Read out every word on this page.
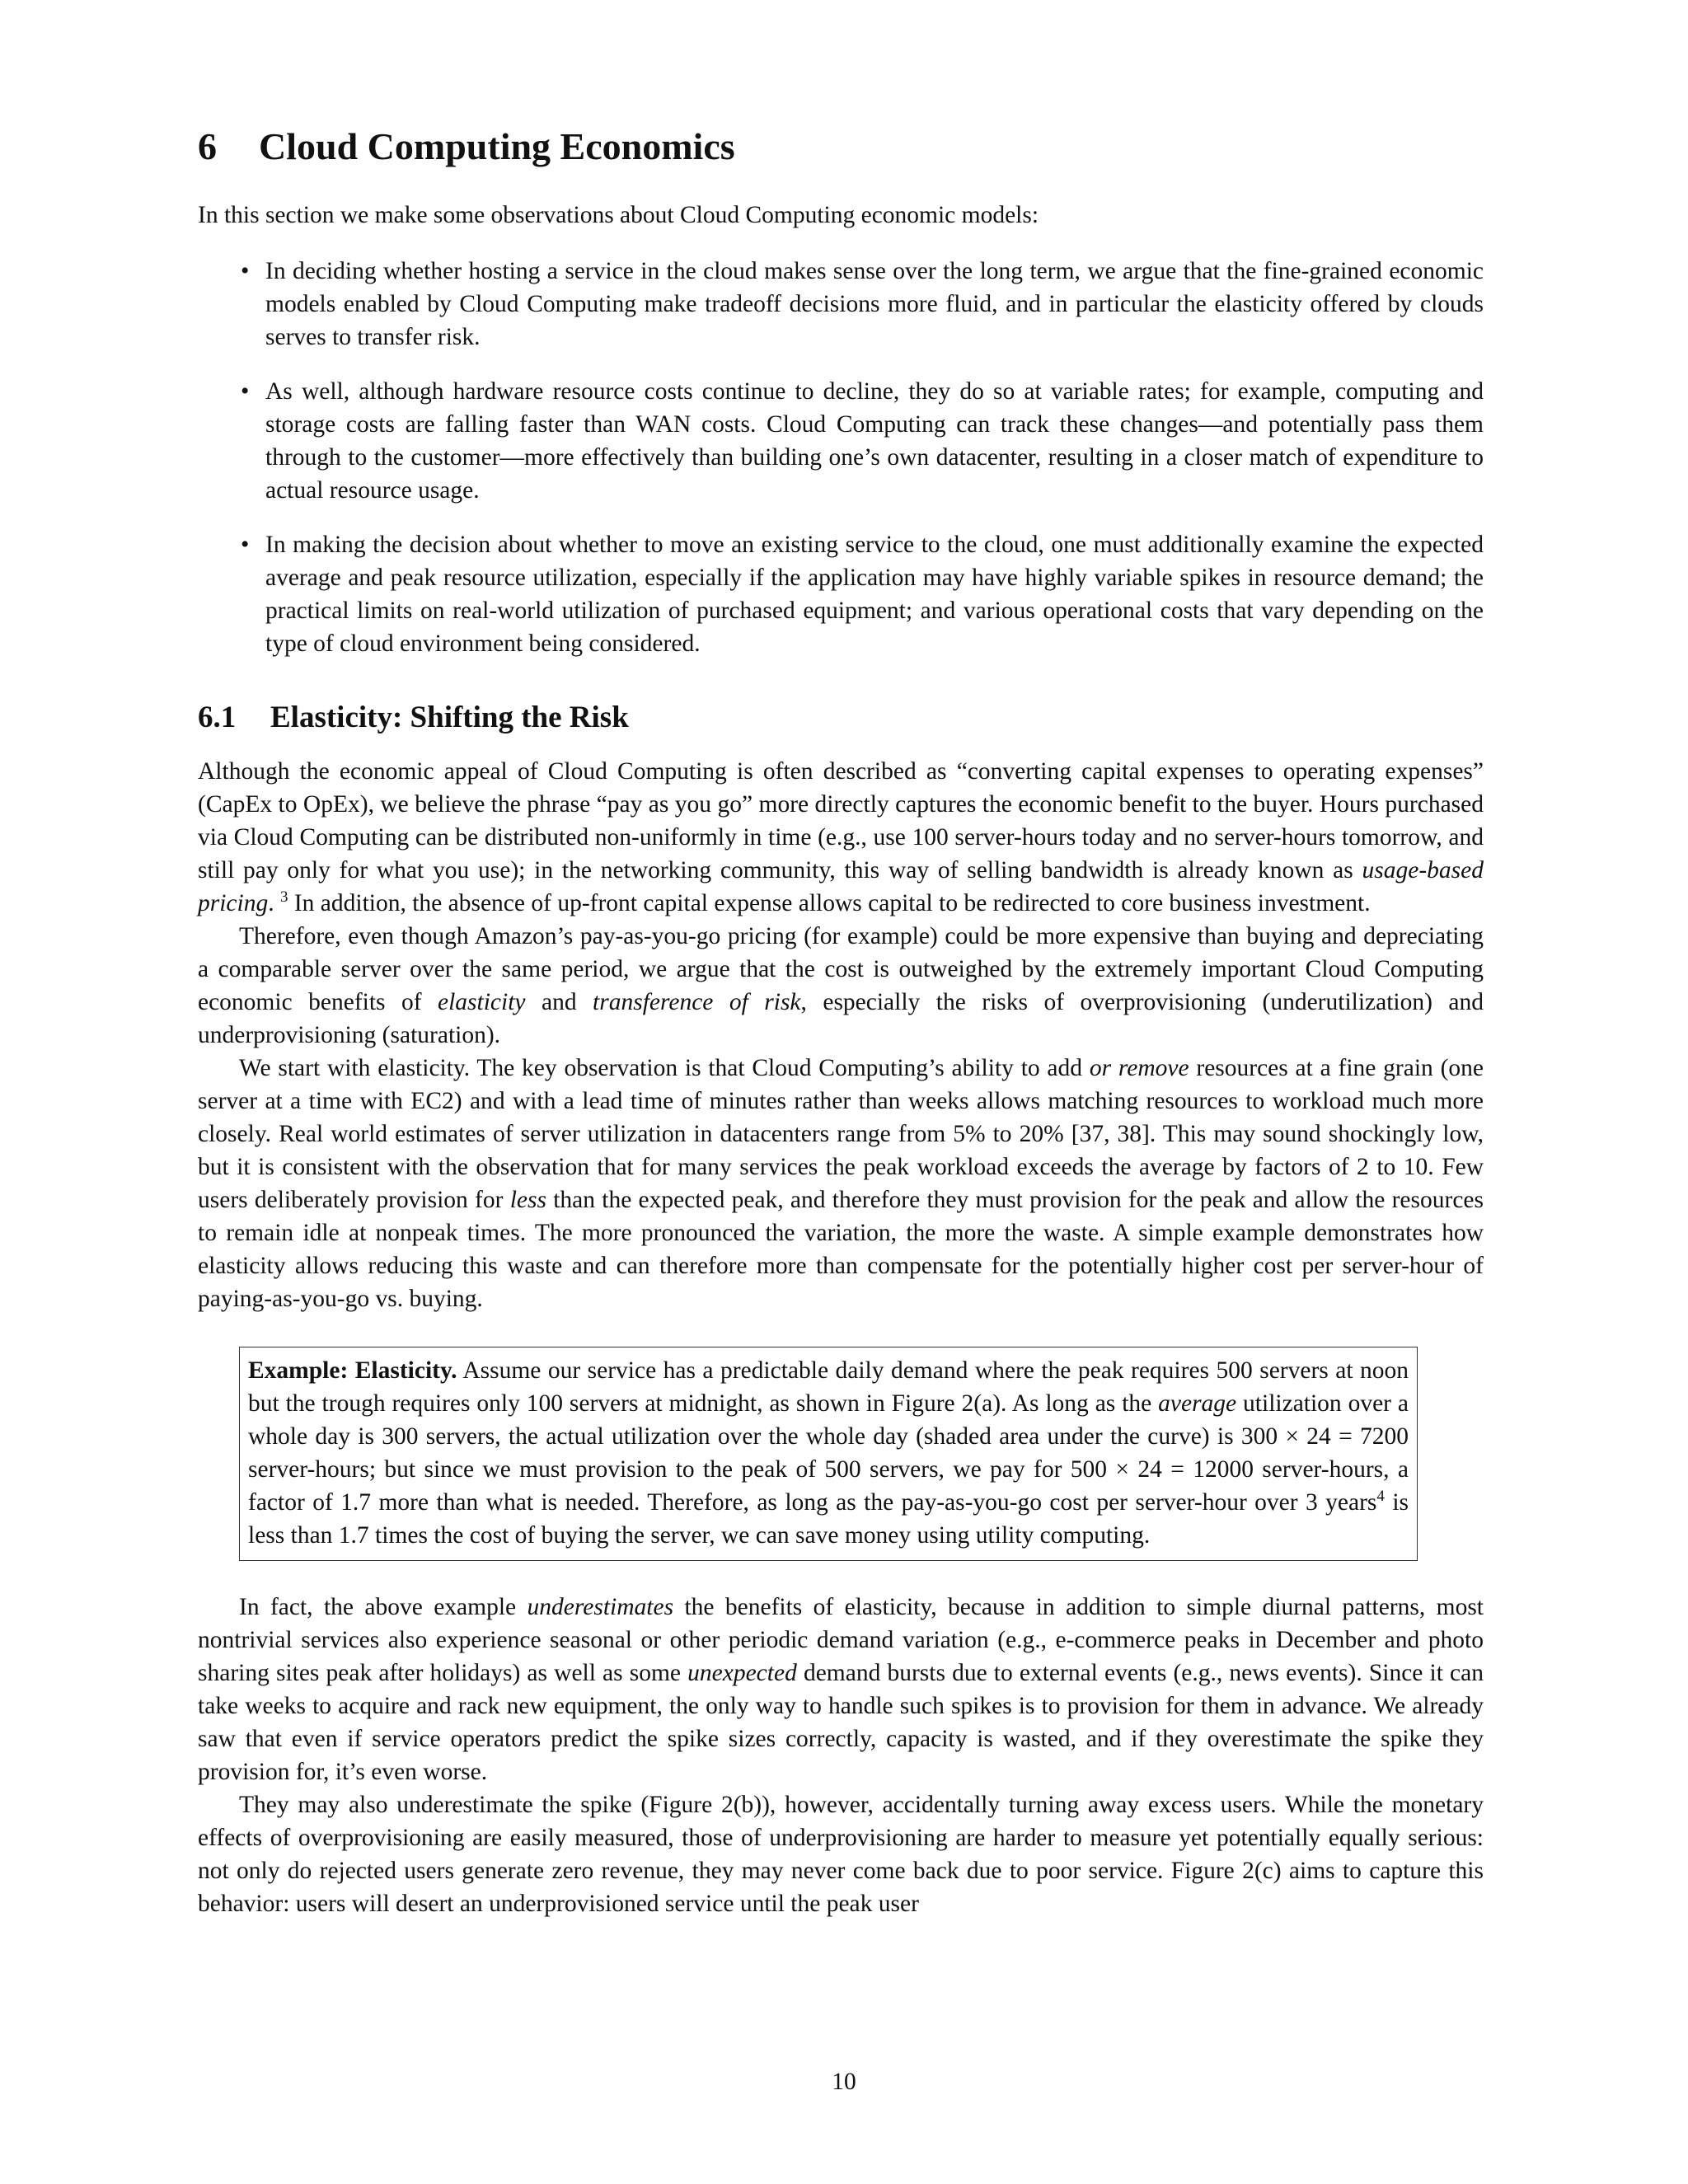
6 Cloud Computing Economics

In this section we make some observations about Cloud Computing economic models:

• In deciding whether hosting a service in the cloud makes sense over the long term, we argue that the fine-grained economic models enabled by Cloud Computing make tradeoff decisions more fluid, and in particular the elasticity offered by clouds serves to transfer risk.
• As well, although hardware resource costs continue to decline, they do so at variable rates; for example, computing and storage costs are falling faster than WAN costs. Cloud Computing can track these changes—and potentially pass them through to the customer—more effectively than building one’s own datacenter, resulting in a closer match of expenditure to actual resource usage.
• In making the decision about whether to move an existing service to the cloud, one must additionally examine the expected average and peak resource utilization, especially if the application may have highly variable spikes in resource demand; the practical limits on real-world utilization of purchased equipment; and various operational costs that vary depending on the type of cloud environment being considered.
6.1 Elasticity: Shifting the Risk

Although the economic appeal of Cloud Computing is often described as “converting capital expenses to operating expenses” (CapEx to OpEx), we believe the phrase “pay as you go” more directly captures the economic benefit to the buyer. Hours purchased via Cloud Computing can be distributed non-uniformly in time (e.g., use 100 server-hours today and no server-hours tomorrow, and still pay only for what you use); in the networking community, this way of selling bandwidth is already known as usage-based pricing. $^3$ In addition, the absence of up-front capital expense allows capital to be redirected to core business investment.

Therefore, even though Amazon’s pay-as-you-go pricing (for example) could be more expensive than buying and depreciating a comparable server over the same period, we argue that the cost is outweighed by the extremely important Cloud Computing economic benefits of elasticity and transference of risk, especially the risks of overprovisioning (underutilization) and underprovisioning (saturation).

We start with elasticity. The key observation is that Cloud Computing’s ability to add or remove resources at a fine grain (one server at a time with EC2) and with a lead time of minutes rather than weeks allows matching resources to workload much more closely. Real world estimates of server utilization in datacenters range from 5% to 20% [37, 38]. This may sound shockingly low, but it is consistent with the observation that for many services the peak workload exceeds the average by factors of 2 to 10. Few users deliberately provision for less than the expected peak, and therefore they must provision for the peak and allow the resources to remain idle at nonpeak times. The more pronounced the variation, the more the waste. A simple example demonstrates how elasticity allows reducing this waste and can therefore more than compensate for the potentially higher cost per server-hour of paying-as-you-go vs. buying.

Example: Elasticity. Assume our service has a predictable daily demand where the peak requires 500 servers at noon but the trough requires only 100 servers at midnight, as shown in Figure 2(a). As long as the average utilization over a whole day is 300 servers, the actual utilization over the whole day (shaded area under the curve) is 300 × 24 = 7200 server-hours; but since we must provision to the peak of 500 servers, we pay for 500 × 24 = 12000 server-hours, a factor of 1.7 more than what is needed. Therefore, as long as the pay-as-you-go cost per server-hour over 3 years$^4$ is less than 1.7 times the cost of buying the server, we can save money using utility computing.

In fact, the above example underestimates the benefits of elasticity, because in addition to simple diurnal patterns, most nontrivial services also experience seasonal or other periodic demand variation (e.g., e-commerce peaks in December and photo sharing sites peak after holidays) as well as some unexpected demand bursts due to external events (e.g., news events). Since it can take weeks to acquire and rack new equipment, the only way to handle such spikes is to provision for them in advance. We already saw that even if service operators predict the spike sizes correctly, capacity is wasted, and if they overestimate the spike they provision for, it’s even worse.

They may also underestimate the spike (Figure 2(b)), however, accidentally turning away excess users. While the monetary effects of overprovisioning are easily measured, those of underprovisioning are harder to measure yet potentially equally serious: not only do rejected users generate zero revenue, they may never come back due to poor service. Figure 2(c) aims to capture this behavior: users will desert an underprovisioned service until the peak user

10
